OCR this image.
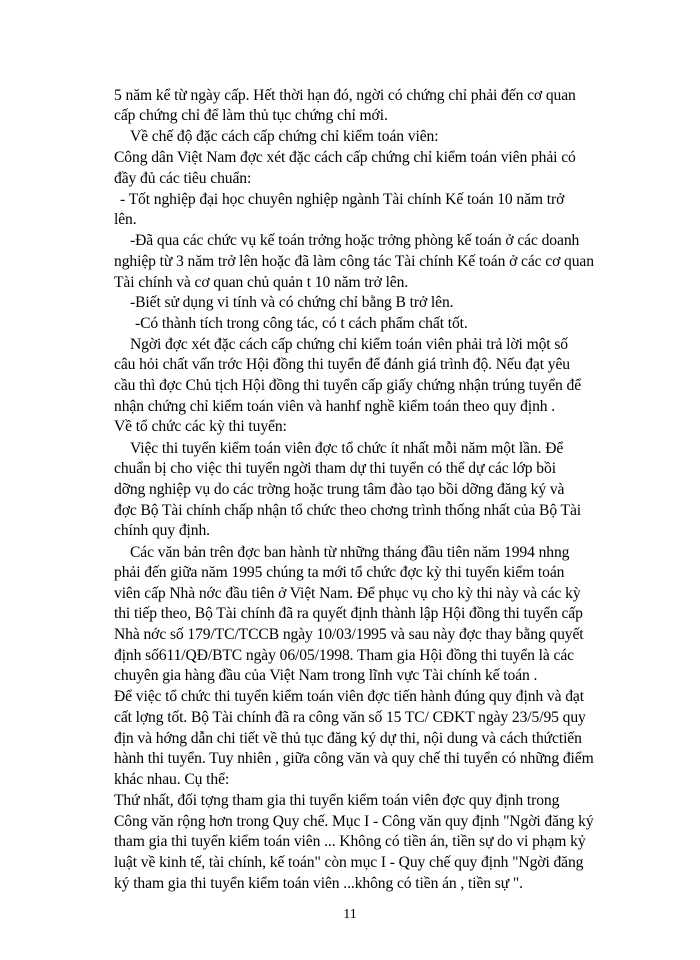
5 năm kể từ ngày cấp. Hết thời hạn đó, ngời có chứng chỉ phải đến cơ quan
cấp chứng chỉ để làm thủ tục chứng chỉ mới.
Về chế độ đặc cách cấp chứng chỉ kiểm toán viên:
Công dân Việt Nam đợc xét đặc cách cấp chứng chỉ kiểm toán viên phải có
đầy đủ các tiêu chuẩn:
- Tốt nghiệp đại học chuyên nghiệp ngành Tài chính Kế toán 10 năm trở
lên.
-Đã qua các chức vụ kế toán trởng hoặc trởng phòng kế toán ở các doanh
nghiệp từ 3 năm trở lên hoặc đã làm công tác Tài chính Kế toán ở các cơ quan
Tài chính và cơ quan chủ quản t 10 năm trở lên.
-Biết sử dụng vi tính và có chứng chỉ bằng B trở lên.
-Có thành tích trong công tác, có t cách phẩm chất tốt.
Ngời đợc xét đặc cách cấp chứng chỉ kiểm toán viên phải trả lời một số
câu hỏi chất vấn trớc Hội đồng thi tuyển để đánh giá trình độ. Nếu đạt yêu
cầu thì đợc Chủ tịch Hội đồng thi tuyển cấp giấy chứng nhận trúng tuyển để
nhận chứng chỉ kiểm toán viên và hanhf nghề kiểm toán theo quy định .
Về tổ chức các kỳ thi tuyển:
Việc thi tuyển kiểm toán viên đợc tổ chức ít nhất mỗi năm một lần. Để
chuẩn bị cho việc thi tuyển ngời tham dự thi tuyển có thể dự các lớp bồi
dỡng nghiệp vụ do các trờng hoặc trung tâm đào tạo bồi dỡng đăng ký và
đợc Bộ Tài chính chấp nhận tổ chức theo chơng trình thống nhất của Bộ Tài
chính quy định.
Các văn bản trên đợc ban hành từ những tháng đầu tiên năm 1994 nhng
phải đến giữa năm 1995 chúng ta mới tổ chức đợc kỳ thi tuyển kiểm toán
viên cấp Nhà nớc đầu tiên ở Việt Nam. Để phục vụ cho kỳ thi này và các kỳ
thi tiếp theo, Bộ Tài chính đã ra quyết định thành lập Hội đồng thi tuyển cấp
Nhà nớc số 179/TC/TCCB ngày 10/03/1995 và sau này đợc thay bằng quyết
định số611/QĐ/BTC ngày 06/05/1998. Tham gia Hội đồng thi tuyển là các
chuyên gia hàng đầu của Việt Nam trong lĩnh vực Tài chính kế toán .
Để việc tổ chức thi tuyển kiểm toán viên đợc tiến hành đúng quy định và đạt
cất lợng tốt. Bộ Tài chính đã ra công văn số 15 TC/ CĐKT ngày 23/5/95 quy
địn và hớng dẫn chi tiết về thủ tục đăng ký dự thi, nội dung và cách thứctiến
hành thi tuyển. Tuy nhiên , giữa công văn và quy chế thi tuyển có những điểm
khác nhau. Cụ thể:
Thứ nhất, đối tợng tham gia thi tuyển kiểm toán viên đợc quy định trong
Công văn rộng hơn trong Quy chế. Mục I - Công văn quy định "Ngời đăng ký
tham gia thi tuyển kiểm toán viên ... Không có tiền án, tiền sự do vi phạm kỷ
luật về kinh tế, tài chính, kế toán" còn mục I - Quy chế quy định "Ngời đăng
ký tham gia thi tuyển kiểm toán viên ...không có tiền án , tiền sự ".
11
